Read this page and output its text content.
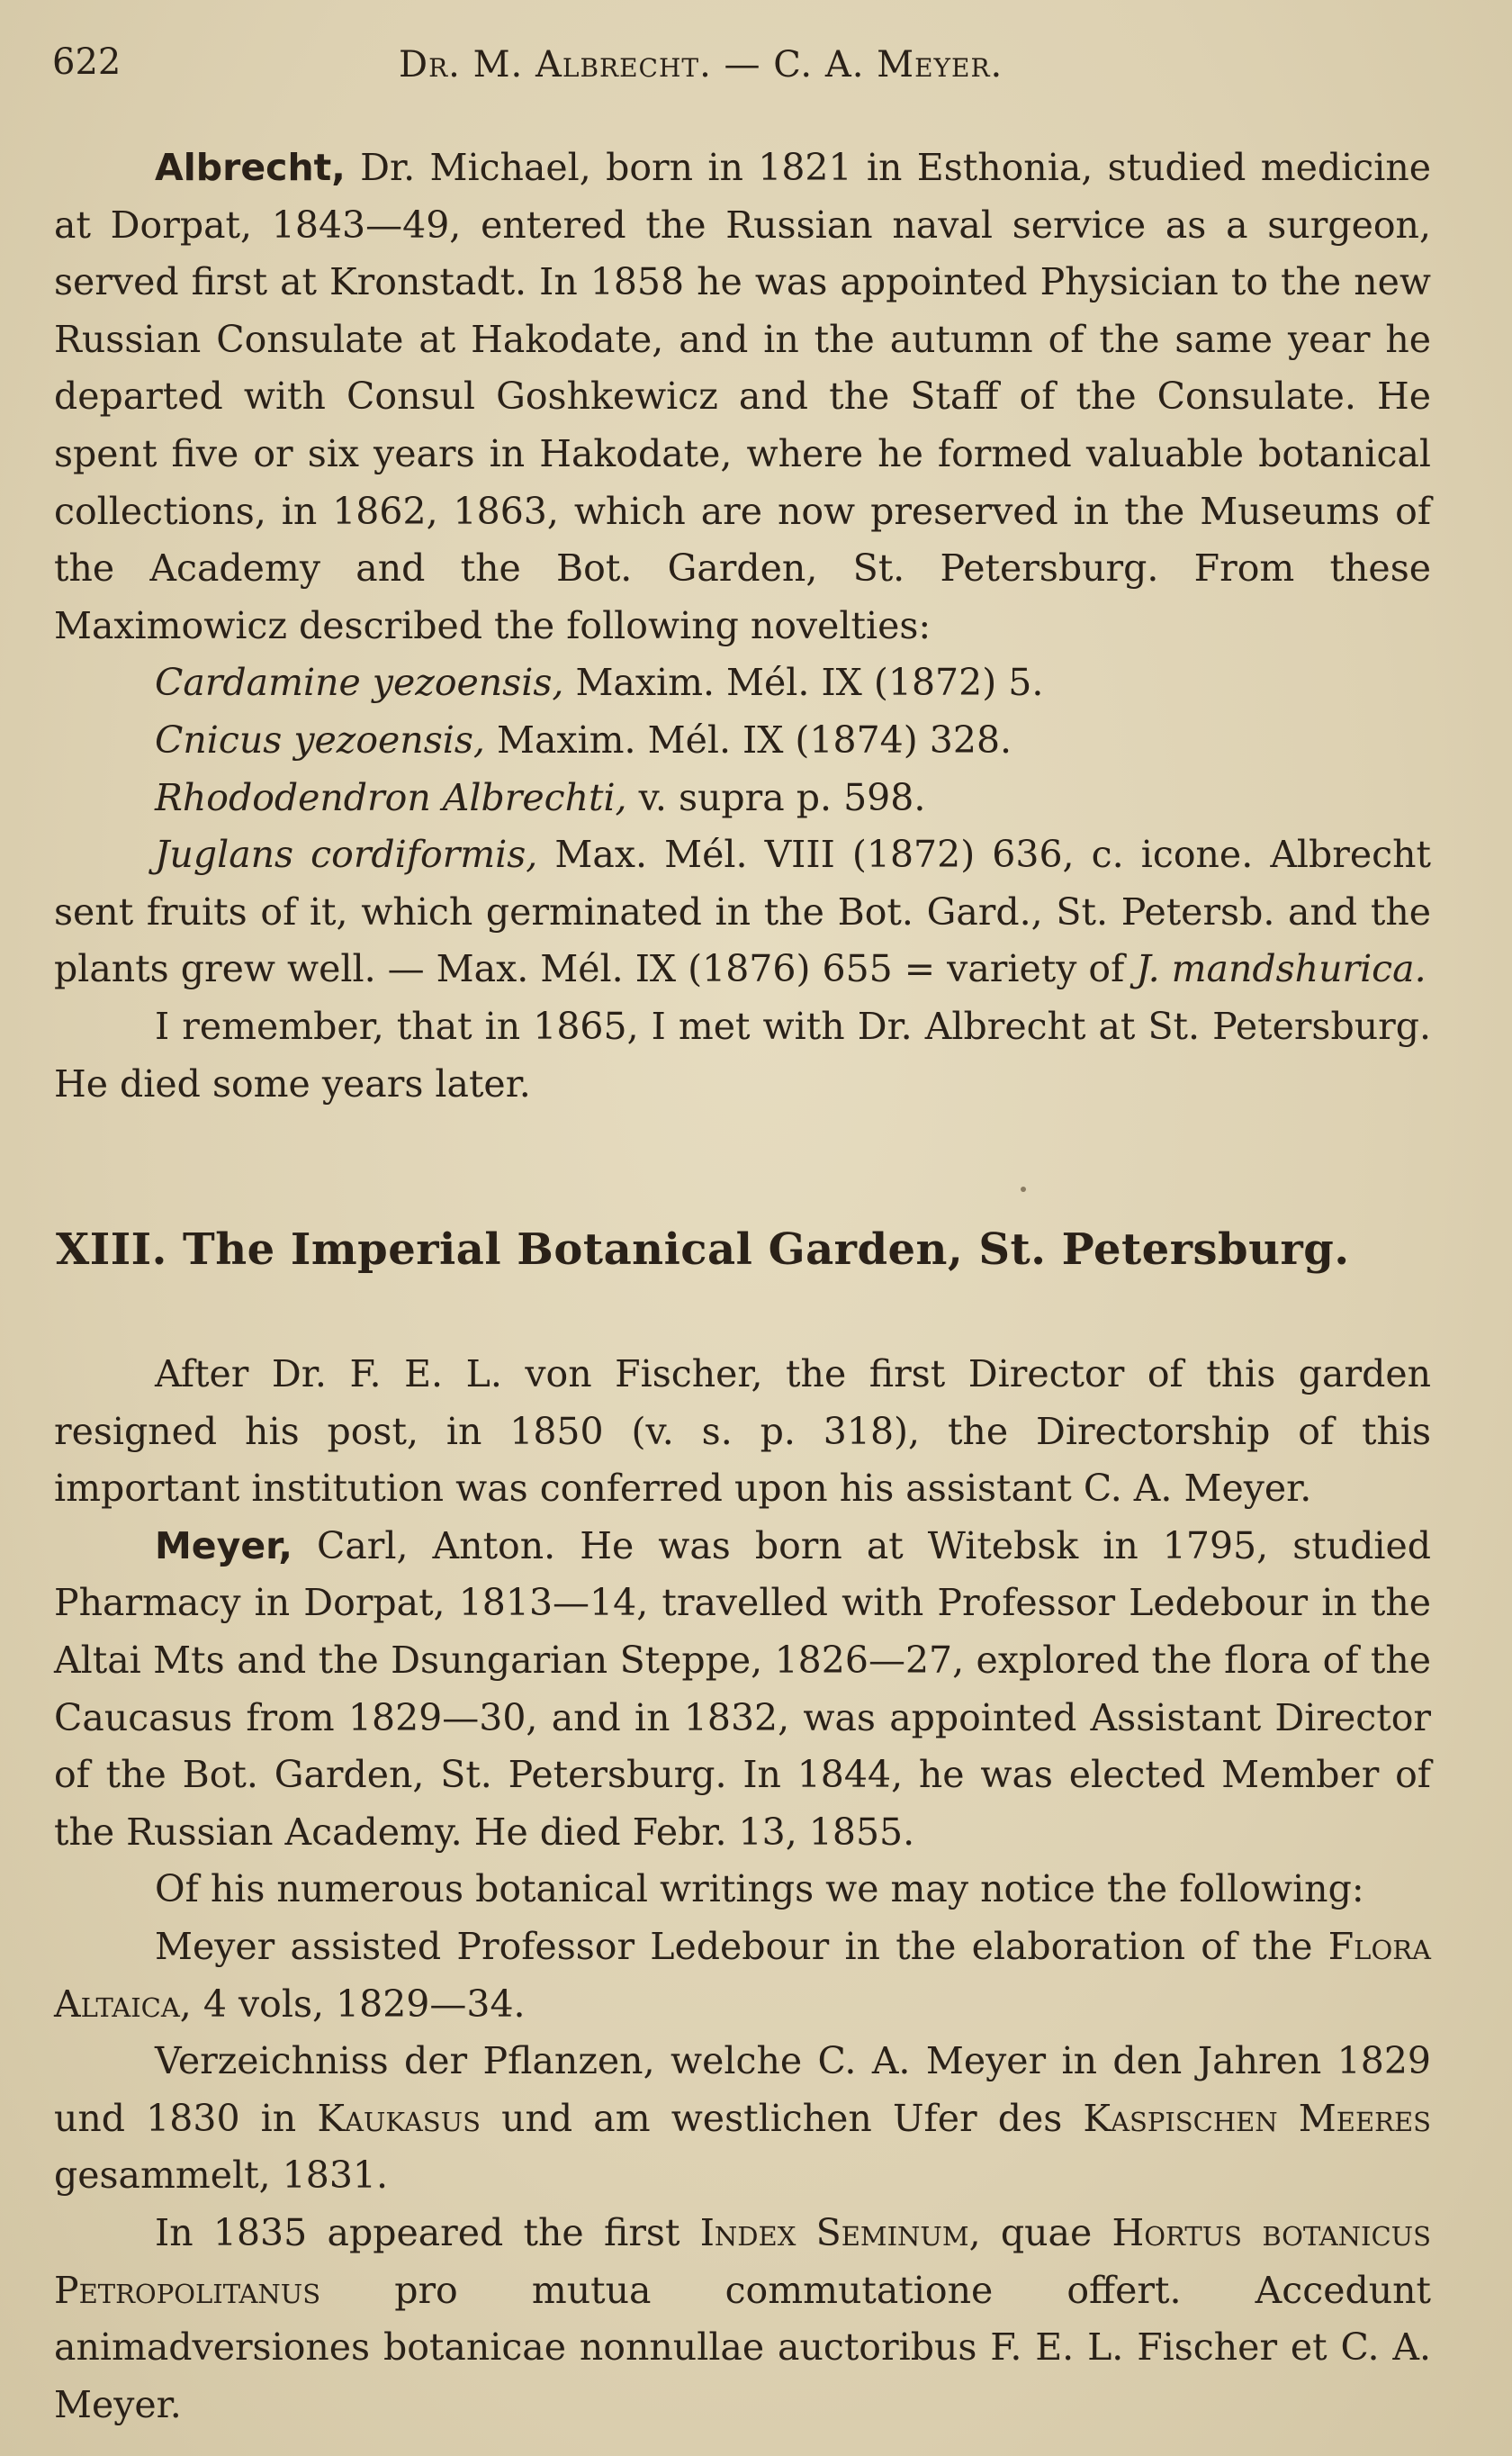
622	Dr. M. Albrecht. — C. A. Meyer.

Albrecht, Dr. Michael, born in 1821 in Esthonia, studied medicine at Dorpat, 1843—49, entered the Russian naval service as a surgeon, served first at Kronstadt. In 1858 he was appointed Physician to the new Russian Consulate at Hakodate, and in the autumn of the same year he departed with Consul Goshkewicz and the Staff of the Consulate. He spent five or six years in Hakodate, where he formed valuable botanical collections, in 1862, 1863, which are now preserved in the Museums of the Academy and the Bot. Garden, St. Petersburg. From these Maximowicz described the following novelties:

Cardamine yezoensis, Maxim. Mél. IX (1872) 5.

Cnicus yezoensis, Maxim. Mél. IX (1874) 328.

Rhododendron Albrechti, v. supra p. 598.

Juglans cordiformis, Max. Mél. VIII (1872) 636, c. icone. Albrecht sent fruits of it, which germinated in the Bot. Gard., St. Petersb. and the plants grew well. — Max. Mél. IX (1876) 655 = variety of J. mandshurica.

I remember, that in 1865, I met with Dr. Albrecht at St. Petersburg. He died some years later.

XIII. The Imperial Botanical Garden, St. Petersburg.

After Dr. F. E. L. von Fischer, the first Director of this garden resigned his post, in 1850 (v. s. p. 318), the Directorship of this important institution was conferred upon his assistant C. A. Meyer.

Meyer, Carl, Anton. He was born at Witebsk in 1795, studied Pharmacy in Dorpat, 1813—14, travelled with Professor Ledebour in the Altai Mts and the Dsungarian Steppe, 1826—27, explored the flora of the Caucasus from 1829—30, and in 1832, was appointed Assistant Director of the Bot. Garden, St. Petersburg. In 1844, he was elected Member of the Russian Academy. He died Febr. 13, 1855.

Of his numerous botanical writings we may notice the following:

Meyer assisted Professor Ledebour in the elaboration of the Flora Altaica, 4 vols, 1829—34.

Verzeichniss der Pflanzen, welche C. A. Meyer in den Jahren 1829 und 1830 in Kaukasus und am westlichen Ufer des Kaspischen Meeres gesammelt, 1831.

In 1835 appeared the first Index Seminum, quae Hortus botanicus Petropolitanus pro mutua commutatione offert. Accedunt animadversiones botanicae nonnullae auctoribus F. E. L. Fischer et C. A. Meyer.
